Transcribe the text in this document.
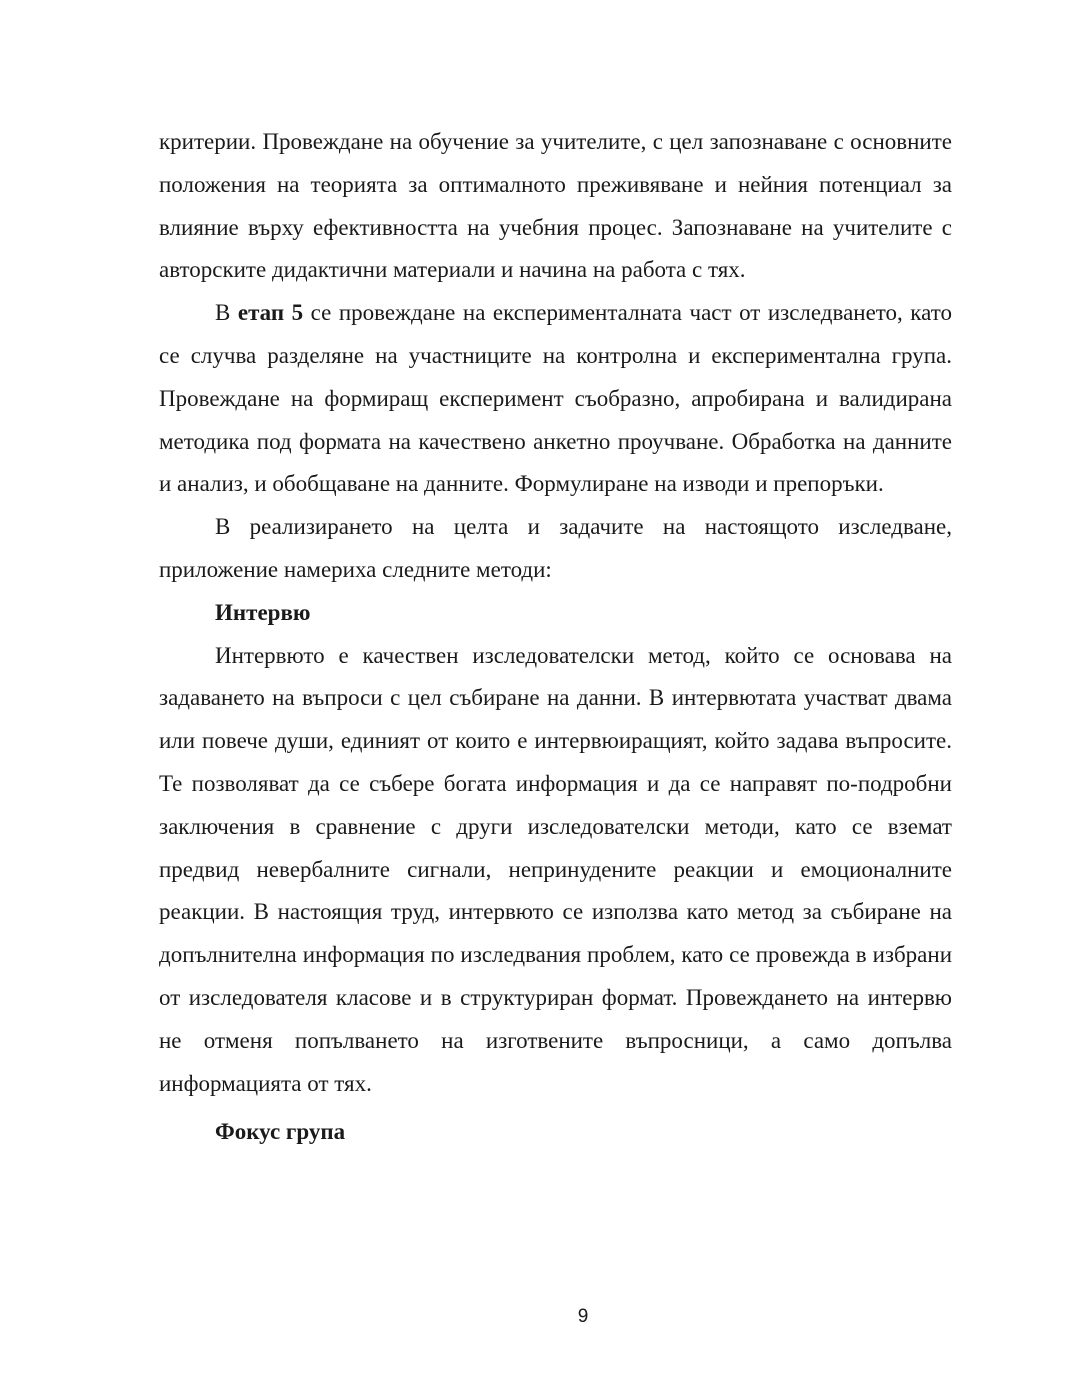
критерии. Провеждане на обучение за учителите, с цел запознаване с основните положения на теорията за оптималното преживяване и нейния потенциал за влияние върху ефективността на учебния процес. Запознаване на учителите с авторските дидактични материали и начина на работа с тях.

В етап 5 се провеждане на експерименталната част от изследването, като се случва разделяне на участниците на контролна и експериментална група. Провеждане на формиращ експеримент съобразно, апробирана и валидирана методика под формата на качествено анкетно проучване. Обработка на данните и анализ, и обобщаване на данните. Формулиране на изводи и препоръки.

В реализирането на целта и задачите на настоящото изследване, приложение намериха следните методи:

Интервю

Интервюто е качествен изследователски метод, който се основава на задаването на въпроси с цел събиране на данни. В интервютата участват двама или повече души, единият от които е интервюиращият, който задава въпросите. Те позволяват да се събере богата информация и да се направят по-подробни заключения в сравнение с други изследователски методи, като се вземат предвид невербалните сигнали, непринудените реакции и емоционалните реакции. В настоящия труд, интервюто се използва като метод за събиране на допълнителна информация по изследвания проблем, като се провежда в избрани от изследователя класове и в структуриран формат. Провеждането на интервю не отменя попълването на изготвените въпросници, а само допълва информацията от тях.

Фокус група

9
